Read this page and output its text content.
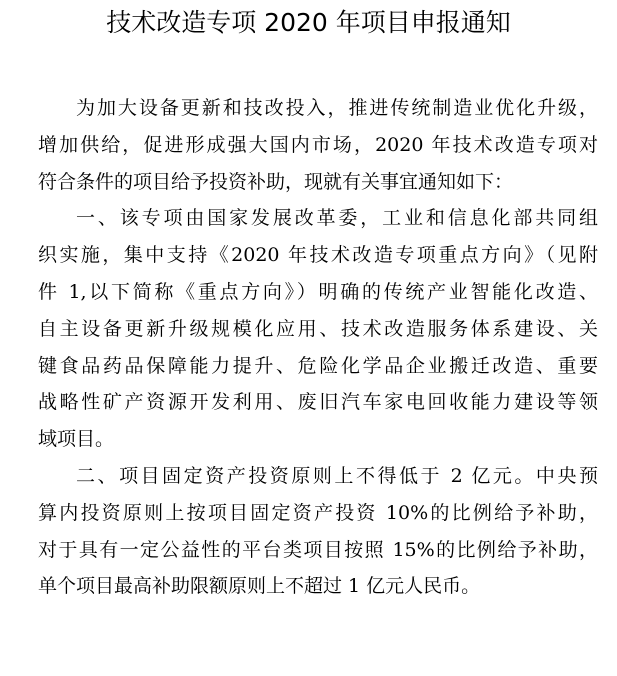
技术改造专项 2020 年项目申报通知
为加大设备更新和技改投入，推进传统制造业优化升级，
增加供给，促进形成强大国内市场，2020 年技术改造专项对
符合条件的项目给予投资补助，现就有关事宜通知如下：
一、该专项由国家发展改革委，工业和信息化部共同组
织实施，集中支持《2020 年技术改造专项重点方向》（见附
件 1,以下简称《重点方向》）明确的传统产业智能化改造、
自主设备更新升级规模化应用、技术改造服务体系建设、关
键食品药品保障能力提升、危险化学品企业搬迁改造、重要
战略性矿产资源开发利用、废旧汽车家电回收能力建设等领
域项目。
二、项目固定资产投资原则上不得低于 2 亿元。中央预
算内投资原则上按项目固定资产投资 10%的比例给予补助，
对于具有一定公益性的平台类项目按照 15%的比例给予补助，
单个项目最高补助限额原则上不超过 1 亿元人民币。
